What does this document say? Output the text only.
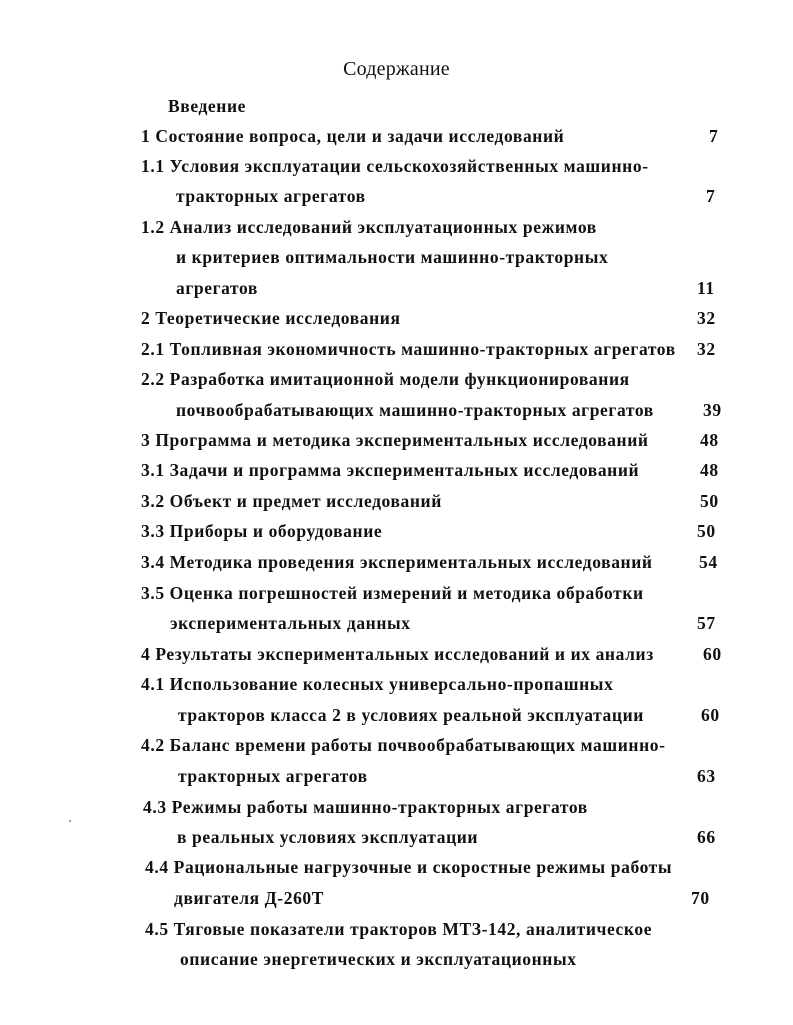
Содержание
Введение
1 Состояние вопроса, цели и задачи исследований	7
1.1 Условия эксплуатации сельскохозяйственных машинно-
тракторных агрегатов	7
1.2 Анализ исследований эксплуатационных режимов
и критериев оптимальности машинно-тракторных
агрегатов	11
2 Теоретические исследования	32
2.1 Топливная экономичность машинно-тракторных агрегатов 32
2.2 Разработка имитационной модели функционирования
почвообрабатывающих машинно-тракторных агрегатов	39
3 Программа и методика экспериментальных исследований	48
3.1 Задачи и программа экспериментальных исследований	48
3.2 Объект и предмет исследований	50
3.3 Приборы и оборудование	50
3.4 Методика проведения экспериментальных исследований	54
3.5 Оценка погрешностей измерений и методика обработки
экспериментальных данных	57
4 Результаты экспериментальных исследований и их анализ	60
4.1 Использование колесных универсально-пропашных
тракторов класса 2 в условиях реальной эксплуатации	60
4.2 Баланс времени работы почвообрабатывающих машинно-
тракторных агрегатов	63
4.3 Режимы работы машинно-тракторных агрегатов
в реальных условиях эксплуатации	66
4.4 Рациональные нагрузочные и скоростные режимы работы
двигателя Д-260Т	70
4.5 Тяговые показатели тракторов МТЗ-142, аналитическое
описание энергетических и эксплуатационных
